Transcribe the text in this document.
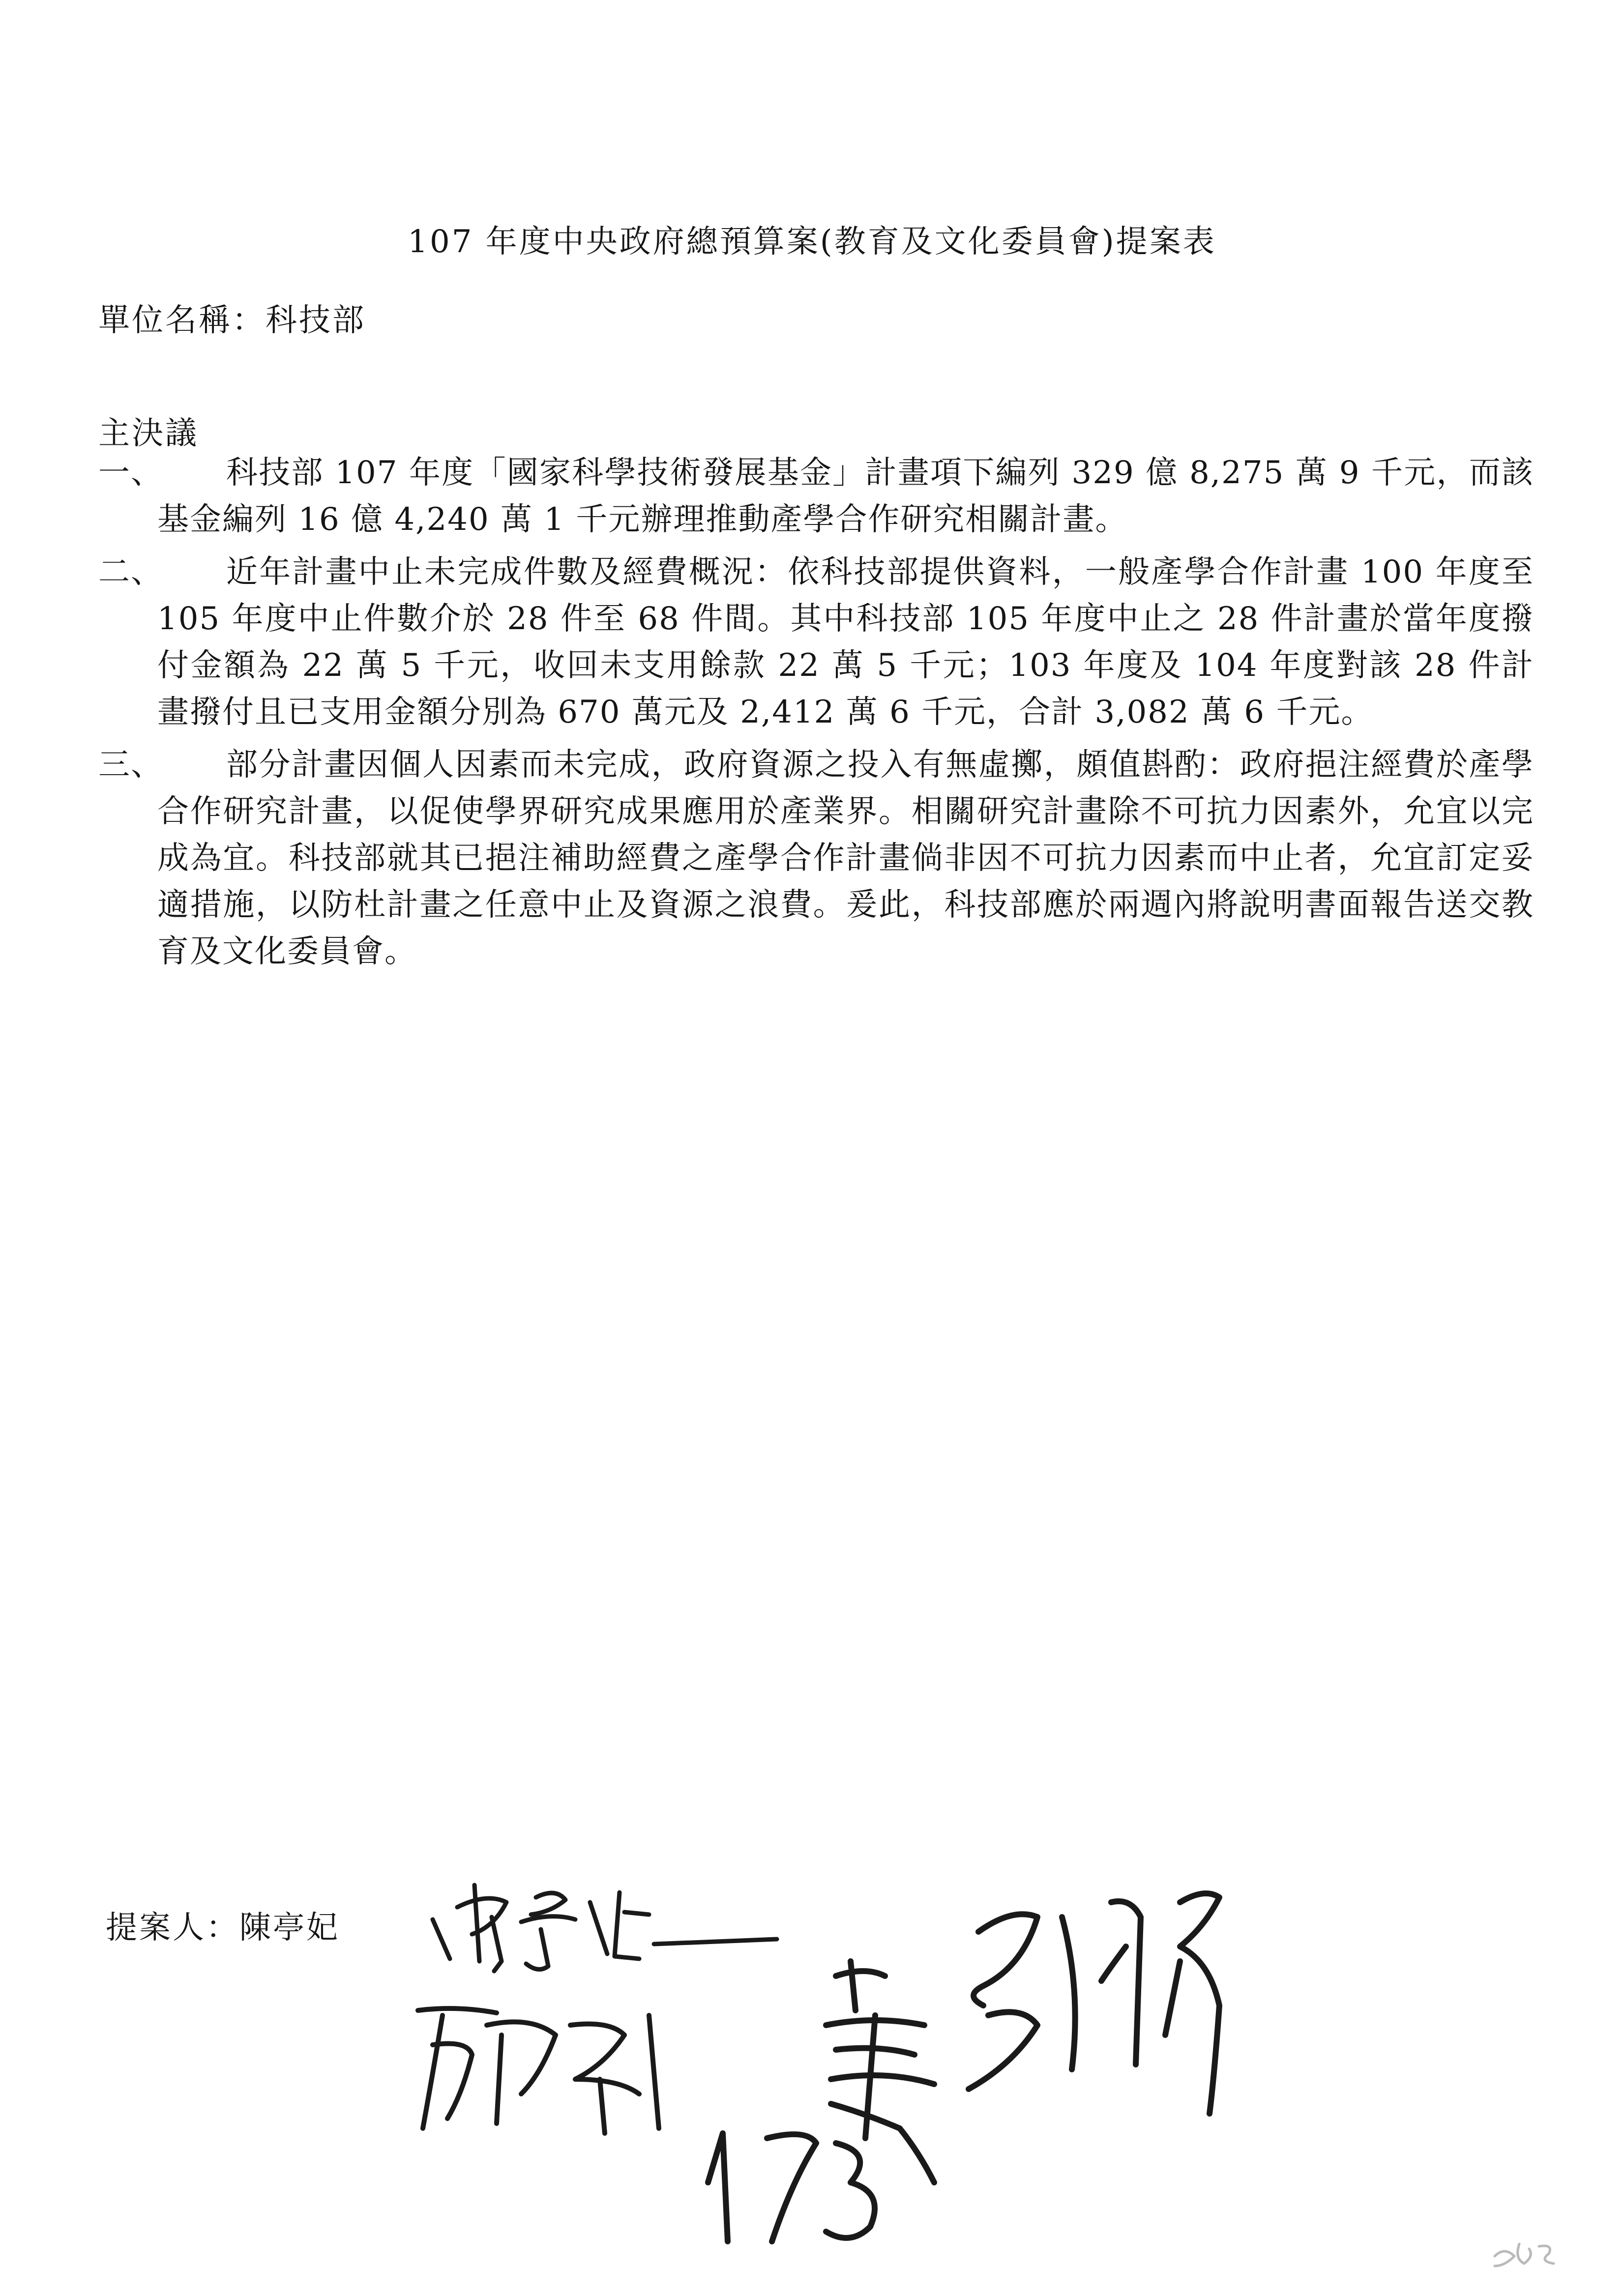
107 年度中央政府總預算案(教育及文化委員會)提案表
單位名稱：科技部
主決議
一、	科技部 107 年度「國家科學技術發展基金」計畫項下編列 329 億 8,275 萬 9 千元，而該基金編列 16 億 4,240 萬 1 千元辦理推動產學合作研究相關計畫。
二、	近年計畫中止未完成件數及經費概況：依科技部提供資料，一般產學合作計畫 100 年度至 105 年度中止件數介於 28 件至 68 件間。其中科技部 105 年度中止之 28 件計畫於當年度撥付金額為 22 萬 5 千元，收回未支用餘款 22 萬 5 千元；103 年度及 104 年度對該 28 件計畫撥付且已支用金額分別為 670 萬元及 2,412 萬 6 千元，合計 3,082 萬 6 千元。
三、	部分計畫因個人因素而未完成，政府資源之投入有無虛擲，頗值斟酌：政府挹注經費於產學合作研究計畫，以促使學界研究成果應用於產業界。相關研究計畫除不可抗力因素外，允宜以完成為宜。科技部就其已挹注補助經費之產學合作計畫倘非因不可抗力因素而中止者，允宜訂定妥適措施，以防杜計畫之任意中止及資源之浪費。爰此，科技部應於兩週內將說明書面報告送交教育及文化委員會。
提案人：陳亭妃
